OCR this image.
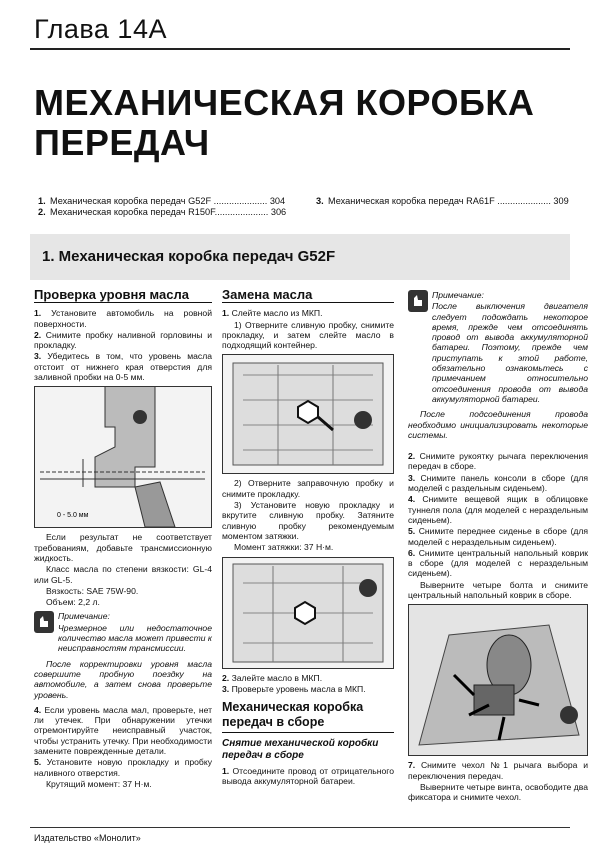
Глава 14А
МЕХАНИЧЕСКАЯ КОРОБКА
ПЕРЕДАЧ
1. Механическая коробка передач G52F ..................... 304
2. Механическая коробка передач R150F..................... 306
3. Механическая коробка передач RA61F ..................... 309
1. Механическая коробка передач G52F
Проверка уровня масла

1. Установите автомобиль на ровной поверхности.

2. Снимите пробку наливной горловины и прокладку.

3. Убедитесь в том, что уровень масла отстоит от нижнего края отверстия для заливной пробки на 0-5 мм.

0 - 5.0 мм

Если результат не соответствует требованиям, добавьте трансмиссионную жидкость.

Класс масла по степени вязкости: GL-4 или GL-5.

Вязкость: SAE 75W-90.

Объем: 2,2 л.

Примечание:

Чрезмерное или недостаточное количество масла может привести к неисправностям трансмиссии.

После корректировки уровня масла совершите пробную поездку на автомобиле, а затем снова проверьте уровень.

4. Если уровень масла мал, проверьте, нет ли утечек. При обнаружении утечки отремонтируйте неисправный участок, чтобы устранить утечку. При необходимости замените поврежденные детали.

5. Установите новую прокладку и пробку наливного отверстия.

Крутящий момент: 37 Н·м.

Замена масла

1. Слейте масло из МКП.

1) Отверните сливную пробку, снимите прокладку, и затем слейте масло в подходящий контейнер.

2) Отверните заправочную пробку и снимите прокладку.

3) Установите новую прокладку и вкрутите сливную пробку. Затяните сливную пробку рекомендуемым моментом затяжки.

Момент затяжки: 37 Н·м.

2. Залейте масло в МКП.

3. Проверьте уровень масла в МКП.

Механическая коробка передач в сборе
Снятие механической коробки передач в сборе

1. Отсоедините провод от отрицательного вывода аккумуляторной батареи.

Примечание:

После выключения двигателя следует подождать некоторое время, прежде чем отсоединять провод от вывода аккумуляторной батареи. Поэтому, прежде чем приступать к этой работе, обязательно ознакомьтесь с примечанием относительно отсоединения провода от вывода аккумуляторной батареи.

После подсоединения провода необходимо инициализировать некоторые системы.

2. Снимите рукоятку рычага переключения передач в сборе.

3. Снимите панель консоли в сборе (для моделей с раздельным сиденьем).

4. Снимите вещевой ящик в облицовке туннеля пола (для моделей с нераздельным сиденьем).

5. Снимите переднее сиденье в сборе (для моделей с нераздельным сиденьем).

6. Снимите центральный напольный коврик в сборе (для моделей с нераздельным сиденьем).

Выверните четыре болта и снимите центральный напольный коврик в сборе.

7. Снимите чехол №1 рычага выбора и переключения передач.

Выверните четыре винта, освободите два фиксатора и снимите чехол.

Издательство «Монолит»
